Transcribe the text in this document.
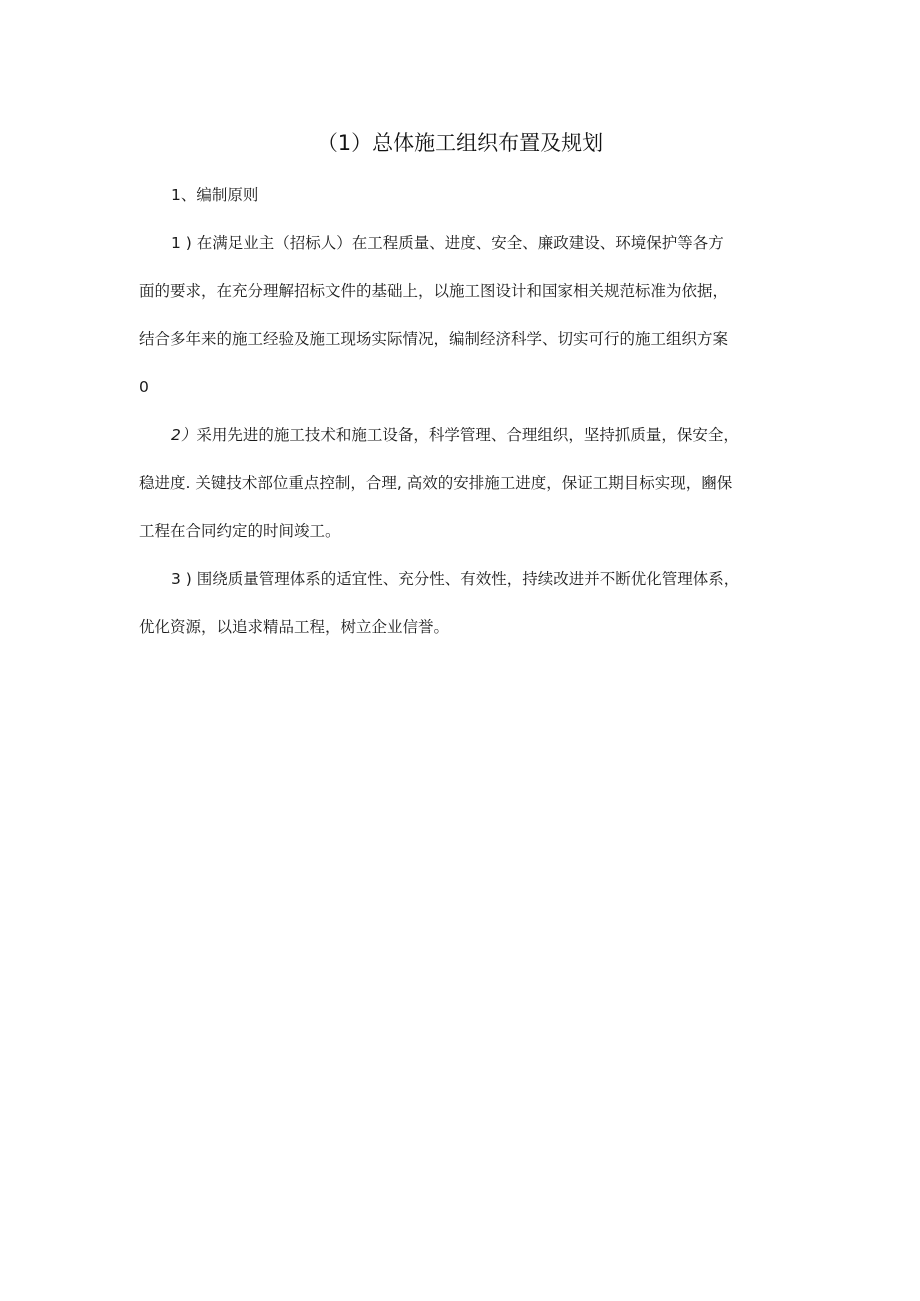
（1）总体施工组织布置及规划
1、编制原则
1 ) 在满足业主（招标人）在工程质量、进度、安全、廉政建设、环境保护等各方
面的要求，在充分理解招标文件的基础上，以施工图设计和国家相关规范标准为依据，
结合多年来的施工经验及施工现场实际情况，编制经济科学、切实可行的施工组织方案
0
2）采用先进的施工技术和施工设备，科学管理、合理组织，坚持抓质量，保安全，
稳进度. 关键技术部位重点控制，合理, 高效的安排施工进度，保证工期目标实现，豳保
工程在合同约定的时间竣工。
3 ) 围绕质量管理体系的适宜性、充分性、有效性，持续改进并不断优化管理体系，
优化资源，以追求精品工程，树立企业信誉。
